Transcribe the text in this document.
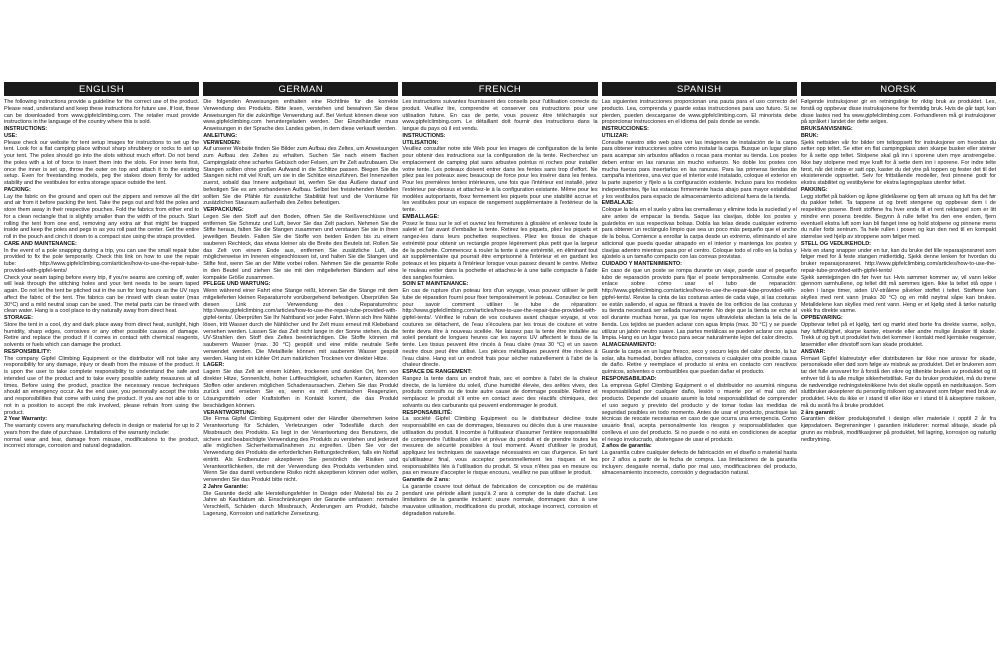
ENGLISH

The following instructions provide a guideline for the correct use of the product. Please read, understand and keep these instructions for future use. If lost, these can be downloaded from www.gipfelclimbing.com. The retailer must provide instructions in the language of the country where this is sold.

INSTRUCTIONS:

USE:

Please check our website for tent setup images for instructions to set up the tent. Look for a flat camping place without sharp shrubbery or rocks to set up your tent. The poles should go into the slots without much effort. Do not bend the poles with a lot of force to insert them into the slots. For inner tents first, once the inner is set up, throw the outer on top and attach it to the existing setup. Even for freestanding models, peg the stakes down firmly for added stability and the vestibules for extra storage space outside the tent.

PACKING:

Lay the fabric on the ground and open out the zippers and remove all the dirt and air from it before packing the tent. Take the pegs out and fold the poles and store them away in their respective pouches. Fold the fabrics from either end to for a clean rectangle that is slightly smaller than the width of the pouch. Start rolling the tent from one end, removing any extra air that might be trapped inside and keep the poles and pegs in as you roll past the center. Get the entire roll in the pouch and cinch it down to a compact size using the straps provided.

CARE AND MAINTENANCE:

In the event of a pole snapping during a trip, you can use the small repair tube provided to fix the pole temporarily. Check this link on how to use the repair tube: http://www.gipfelclimbing.com/articles/how-to-use-the-repair-tube-provided-with-gipfel-tents/

Check your seam taping before every trip, if you're seams are coming off, water will leak through the stitching holes and your tent needs to be seam taped again. Do not let the tent be pitched out in the sun for long hours as the UV rays affect the fabric of the tent. The fabrics can be rinsed with clean water (max 30°C) and a mild neutral soap can be used. The metal parts can be rinsed with clean water. Hang is a cool place to dry naturally away from direct heat.

STORAGE:

Store the tent in a cool, dry and dark place away from direct heat, sunlight, high humidity, sharp edges, corrosives or any other possible causes of damage. Retire and replace the product if it comes in contact with chemical reagents, solvents or fuels which can damage the product.

RESPONSIBILITY:

The company Gipfel Climbing Equipment or the distributor will not take any responsibility for any damage, injury or death from the misuse of the product. It is upon the user to take complete responsibility to understand the safe and intended use of the product and to take every possible safety measures at all times. Before using the product, practice the necessary rescue techniques should an emergency occur. As the end user, you personally accept the risks and responsibilities that come with using the product. If you are not able to or not in a position to accept the risk involved, please refrain from using the product.

2 Year Warranty:

The warranty covers any manufacturing defects in design or material for up to 2 years from the date of purchase. Limitations of the warranty include:

normal wear and tear, damage from misuse, modifications to the product, incorrect storage, corrosion and natural degradation.

GERMAN

Die folgenden Anweisungen enthalten eine Richtlinie für die korrekte Verwendung des Produkts. Bitte lesen, verstehen und bewahren Sie diese Anweisungen für die zukünftige Verwendung auf. Bei Verlust können diese von www.gipfelclimbing.com heruntergeladen werden. Der Einzelhändler muss Anweisungen in der Sprache des Landes geben, in dem diese verkauft werden.

ANLEITUNG:

VERWENDEN:

Auf unserer Website finden Sie Bilder zum Aufbau des Zeltes, um Anweisungen zum Aufbau des Zeltes zu erhalten. Suchen Sie nach einem flachen Campingplatz ohne scharfes Gebüsch oder Felsen, um Ihr Zelt aufzubauen. Die Stangen sollten ohne großen Aufwand in die Schlitze passen. Biegen Sie die Stangen nicht mit viel Kraft, um sie in die Schlitze einzuführen. Bei Innenzelten zuerst, sobald das Innere aufgebaut ist, werfen Sie das Äußere darauf und befestigen Sie es am vorhandenen Aufbau. Selbst bei freistehenden Modellen sollten Sie die Pfähle für zusätzliche Stabilität fest und die Vorräume für zusätzlichen Stauraum außerhalb des Zeltes befestigen.

VERPACKUNG:

Legen Sie den Stoff auf den Boden, öffnen Sie die Reißverschlüsse und entfernen Sie Schmutz und Luft, bevor Sie das Zelt packen. Nehmen Sie die Stifte heraus, falten Sie die Stangen zusammen und verstauen Sie sie in ihren jeweiligen Beuteln. Falten Sie die Stoffe von beiden Enden bis zu einem sauberen Rechteck, das etwas kleiner als die Breite des Beutels ist. Rollen Sie das Zelt von einem Ende aus, entfernen Sie zusätzliche Luft, die möglicherweise im Inneren eingeschlossen ist, und halten Sie die Stangen und Stifte fest, wenn Sie an der Mitte vorbei rollen. Nehmen Sie die gesamte Rolle in den Beutel und ziehen Sie sie mit den mitgelieferten Bändern auf eine kompakte Größe zusammen.

PFLEGE UND WARTUNG:

Wenn während einer Fahrt eine Stange reißt, können Sie die Stange mit dem mitgelieferten kleinen Reparaturrohr vorübergehend befestigen. Überprüfen Sie diesen Link zur Verwendung des Reparaturrohrs: http://www.gipfelclimbing.com/articles/how-to-use-the-repair-tube-provided-with-gipfel-tents/. Überprüfen Sie Ihr Nahtband vor jeder Fahrt. Wenn sich Ihre Nähte lösen, tritt Wasser durch die Nählöcher und Ihr Zelt muss erneut mit Klebeband versehen werden. Lassen Sie das Zelt nicht lange in der Sonne stehen, da die UV-Strahlen den Stoff des Zeltes beeinträchtigen. Die Stoffe können mit sauberem Wasser (max. 30 °C) gespült und eine milde neutrale Seife verwendet werden. Die Metallteile können mit sauberem Wasser gespült werden. Hang ist ein kühler Ort zum natürlichen Trocknen vor direkter Hitze.

LAGER:

Lagern Sie das Zelt an einem kühlen, trockenen und dunklen Ort, fern von direkter Hitze, Sonnenlicht, hoher Luftfeuchtigkeit, scharfen Kanten, ätzenden Stoffen oder anderen möglichen Schadensursachen. Ziehen Sie das Produkt zurück und ersetzen Sie es, wenn es mit chemischen Reagenzien, Lösungsmitteln oder Kraftstoffen in Kontakt kommt, die das Produkt beschädigen können.

VERANTWORTUNG:

Die Firma Gipfel Climbing Equipment oder der Händler übernehmen keine Verantwortung für Schäden, Verletzungen oder Todesfälle durch den Missbrauch des Produkts. Es liegt in der Verantwortung des Benutzers, die sichere und beabsichtigte Verwendung des Produkts zu verstehen und jederzeit alle möglichen Sicherheitsmaßnahmen zu ergreifen. Üben Sie vor der Verwendung des Produkts die erforderlichen Rettungstechniken, falls ein Notfall eintritt. Als Endbenutzer akzeptieren Sie persönlich die Risiken und Verantwortlichkeiten, die mit der Verwendung des Produkts verbunden sind. Wenn Sie das damit verbundene Risiko nicht akzeptieren können oder wollen, verwenden Sie das Produkt bitte nicht.

2 Jahre Garantie:

Die Garantie deckt alle Herstellungsfehler in Design oder Material bis zu 2 Jahre ab Kaufdatum ab. Einschränkungen der Garantie umfassen: normaler Verschleiß, Schäden durch Missbrauch, Änderungen am Produkt, falsche Lagerung, Korrosion und natürliche Zersetzung.

FRENCH

Les instructions suivantes fournissent des conseils pour l'utilisation correcte du produit. Veuillez lire, comprendre et conserver ces instructions pour une utilisation future. En cas de perte, vous pouvez être téléchargés sur www.gipfelclimbing.com. Le détaillant doit fournir des instructions dans la langue du pays où il est vendu.

INSTRUCTIONS:

UTILISATION:

Veuillez consulter notre site Web pour les images de configuration de la tente pour obtenir des instructions sur la configuration de la tente. Recherchez un emplacement de camping plat sans arbustes pointus ni roches pour installer votre tente. Les poteaux doivent entrer dans les fentes sans trop d'effort. Ne pliez pas les poteaux avec beaucoup de force pour les insérer dans les fentes. Pour les premières tentes intérieures, une fois que l'intérieur est installé, jetez l'extérieur par-dessus et attachez-le à la configuration existante. Même pour les modèles autoportants, fixez fermement les piquets pour une stabilité accrue et les vestibules pour un espace de rangement supplémentaire à l'extérieur de la tente.

EMBALLAGE:

Posez le tissu sur le sol et ouvrez les fermetures à glissière et enlevez toute la saleté et l'air avant d'emballer la tente. Retirez les piquets, pliez les piquets et rangez-les dans leurs pochettes respectives. Pliez les tissus de chaque extrémité pour obtenir un rectangle propre légèrement plus petit que la largeur de la pochette. Commencez à rouler la tente à une extrémité, en éliminant tout air supplémentaire qui pourrait être emprisonné à l'intérieur et en gardant les poteaux et les piquets à l'intérieur lorsque vous passez devant le centre. Mettez le rouleau entier dans la pochette et attachez-le à une taille compacte à l'aide des sangles fournies.

SOIN ET MAINTENANCE:

En cas de rupture d'un poteau lors d'un voyage, vous pouvez utiliser le petit tube de réparation fourni pour fixer temporairement le poteau. Consultez ce lien pour savoir comment utiliser le tube de réparation: http://www.gipfelclimbing.com/articles/how-to-use-the-repair-tube-provided-with-gipfel-tents/. Vérifiez le ruban de vos coutures avant chaque voyage, si vos coutures se détachent, de l'eau s'écoulera par les trous de couture et votre tente devra être à nouveau scellée. Ne laissez pas la tente être installée au soleil pendant de longues heures car les rayons UV affectent le tissu de la tente. Les tissus peuvent être rincés à l'eau claire (max 30 °C) et un savon neutre doux peut être utilisé. Les pièces métalliques peuvent être rincées à l'eau claire. Hang est un endroit frais pour sécher naturellement à l'abri de la chaleur directe.

ESPACE DE RANGEMENT:

Rangez la tente dans un endroit frais, sec et sombre à l'abri de la chaleur directe, de la lumière du soleil, d'une humidité élevée, des arêtes vives, des produits corrosifs ou de toute autre cause de dommage possible. Retirez et remplacez le produit s'il entre en contact avec des réactifs chimiques, des solvants ou des carburants qui peuvent endommager le produit.

RESPONSABILITÉ:

La société Gipfel Climbing Equipment ou le distributeur décline toute responsabilité en cas de dommages, blessures ou décès dus à une mauvaise utilisation du produit. Il incombe à l'utilisateur d'assumer l'entière responsabilité de comprendre l'utilisation sûre et prévue du produit et de prendre toutes les mesures de sécurité possibles à tout moment. Avant d'utiliser le produit, appliquez les techniques de sauvetage nécessaires en cas d'urgence. En tant qu'utilisateur final, vous acceptez personnellement les risques et les responsabilités liés à l'utilisation du produit. Si vous n'êtes pas en mesure ou pas en mesure d'accepter le risque encouru, veuillez ne pas utiliser le produit.

Garantie de 2 ans:

La garantie couvre tout défaut de fabrication de conception ou de matériau pendant une période allant jusqu'à 2 ans à compter de la date d'achat. Les limitations de la garantie incluent: usure normale, dommages dus à une mauvaise utilisation, modifications du produit, stockage incorrect, corrosion et dégradation naturelle.

SPANISH

Las siguientes instrucciones proporcionan una pauta para el uso correcto del producto. Lea, comprenda y guarde estas instrucciones para uso futuro. Si se pierden, pueden descargarse de www.gipfelclimbing.com. El minorista debe proporcionar instrucciones en el idioma del país donde se vende.

INSTRUCCIONES:

UTILIZAR:

Consulte nuestro sitio web para ver las imágenes de instalación de la carpa para obtener instrucciones sobre cómo instalar la carpa. Busque un lugar plano para acampar sin arbustos afilados o rocas para montar su tienda. Los postes deben entrar en las ranuras sin mucho esfuerzo. No doble los postes con mucha fuerza para insertarlos en las ranuras. Para las primeras tiendas de campaña interiores, una vez que el interior esté instalado, coloque el exterior en la parte superior y fíjelo a la configuración existente. Incluso para los modelos independientes, fije las estacas firmemente hacia abajo para mayor estabilidad y los vestíbulos para espacio de almacenamiento adicional fuera de la tienda.

EMBALAJE:

Coloque la tela en el suelo y abra las cremalleras y elimine toda la suciedad y el aire antes de empacar la tienda. Saque las clavijas, doble los postes y guárdelos en sus respectivas bolsas. Dobla las telas desde cualquier extremo para obtener un rectángulo limpio que sea un poco más pequeño que el ancho de la bolsa. Comience a enrollar la carpa desde un extremo, eliminando el aire adicional que pueda quedar atrapado en el interior y mantenga los postes y clavijas adentro mientras pasa por el centro. Coloque todo el rollo en la bolsa y ajústelo a un tamaño compacto con las correas provistas.

CUIDADO Y MANTENIMIENTO:

En caso de que un poste se rompa durante un viaje, puede usar el pequeño tubo de reparación provisto para fijar el poste temporalmente. Consulte este enlace sobre cómo usar el tubo de reparación: http://www.gipfelclimbing.com/articles/how-to-use-the-repair-tube-provided-with-gipfel-tents/. Revise la cinta de las costuras antes de cada viaje, si las costuras se están saliendo, el agua se filtrará a través de los orificios de las costuras y su tienda necesitará ser sellada nuevamente. No deje que la tienda se eche al sol durante muchas horas, ya que los rayos ultravioleta afectan la tela de la tienda. Los tejidos se pueden aclarar con agua limpia (max. 30 °C) y se puede utilizar un jabón neutro suave. Las partes metálicas se pueden aclarar con agua limpia. Hang es un lugar fresco para secar naturalmente lejos del calor directo.

ALMACENAMIENTO:

Guarde la carpa en un lugar fresco, seco y oscuro lejos del calor directo, la luz solar, alta humedad, bordes afilados, corrosivos o cualquier otra posible causa de daño. Retire y reemplace el producto si entra en contacto con reactivos químicos, solventes o combustibles que puedan dañar el producto.

RESPONSABILIDAD:

La empresa Gipfel Climbing Equipment o el distribuidor no asumirá ninguna responsabilidad por cualquier daño, lesión o muerte por el mal uso del producto. Depende del usuario asumir la total responsabilidad de comprender el uso seguro y previsto del producto y de tomar todas las medidas de seguridad posibles en todo momento. Antes de usar el producto, practique las técnicas de rescate necesarias en caso de que ocurra una emergencia. Como usuario final, acepta personalmente los riesgos y responsabilidades que conlleva el uso del producto. Si no puede o no está en condiciones de aceptar el riesgo involucrado, abstengase de usar el producto.

2 años de garantía:

La garantía cubre cualquier defecto de fabricación en el diseño o material hasta por 2 años a partir de la fecha de compra. Las limitaciones de la garantía incluyen: desgaste normal, daño por mal uso, modificaciones del producto, almacenamiento incorrecto, corrosión y degradación natural.

NORSK

Følgende instruksjoner gir en retningslinje for riktig bruk av produktet. Les, forstå og oppbevar disse instruksjonene for fremtidig bruk. Hvis de går tapt, kan disse lastes ned fra www.gipfelclimbing.com. Forhandleren må gi instruksjoner på språket i landet der dette selges.

BRUKSANVISNING:

BRUK:

Sjekk nettsiden vår for bilder om teltoppsett for instruksjoner om hvordan du setter opp teltet. Se etter en flat campingplass uten skarpe busker eller steiner for å sette opp teltet. Stolpene skal gå inn i sporene uten mye anstrengelse. Ikke bøy stolpene med mye kraft for å sette dem inn i sporene. For indre telte først, når det indre er satt opp, kaster du det ytre på toppen og fester det til det eksisterende oppsettet. Selv for frittstående modeller, fest pinnene godt for ekstra stabilitet og vestibylene for ekstra lagringsplass utenfor teltet.

PAKKING:

Legg stoffet på bakken og åpne glidelåsene og fjern alt smuss og luft fra det før du pakker teltet. Ta tappene ut og brett stengene og oppbevar dem i de respektive posene. Brett stoffene fra hver ende til et rent rektangel som er litt mindre enn posens bredde. Begynn å rulle teltet fra den ene enden, fjern eventuell ekstra luft som kan bli fanget inne og hold stolpene og pinnene mens du ruller forbi sentrum. Ta hele rullen i posen og kun den ned til en kompakt størrelse ved hjelp av stroppene som følger med.

STELL OG VEDLIKEHOLD:

Hvis en stang snapper under en tur, kan du bruke det lille reparasjonsrøret som følger med for å feste stangen midlertidig. Sjekk denne lenken for hvordan du bruker reparasjonsrøret. http://www.gipfelclimbing.com/articles/how-to-use-the-repair-tube-provided-with-gipfel-tents/

Sjekk sømtejpingen din før hver tur. Hvis sømmer kommer av, vil vann lekke gjennom sømhullene, og teltet ditt må sømmes igjen. Ikke la teltet stå oppe i solen i lange timer, siden UV-strålene påvirker stoffet i teltet. Stoffene kan skylles med rent vann (maks 30 °C) og en mild nøytral såpe kan brukes. Metalldelene kan skylles med rent vann. Heng er et kjølig sted å tørke naturlig vekk fra direkte varme.

OPPBEVARING:

Oppbevar teltet på et kjølig, tørt og mørkt sted borte fra direkte varme, sollys, høy luftfuktighet, skarpe kanter, etsende eller andre mulige årsaker til skade. Trekk ut og bytt ut produktet hvis det kommer i kontakt med kjemiske reagenser, løsemidler eller drivstoff som kan skade produktet.

ANSVAR:

Firmaet Gipfel klatreutstyr eller distributøren tar ikke noe ansvar for skade, personskade eller død som følge av misbruk av produktet. Det er brukeren som tar det fulle ansvaret for å forstå den sikre og tiltenkte bruken av produktet og til enhver tid å ta alle mulige sikkerhetstiltak. Før du bruker produktet, må du trene de nødvendige redningsteknikkene hvis det skulle oppstå en nødsituasjon. Som sluttbruker aksepterer du personlig risikoen og ansvaret som følger med bruk av produktet. Hvis du ikke er i stand til eller ikke er i stand til å akseptere risikoen, må du avstå fra å bruke produktet.

2 års garanti:

Garantien dekker produksjonsfeil i design eller materiale i opptil 2 år fra kjøpsdatoen. Begrensninger i garantien inkluderer: normal slitasje, skade på grunn av misbruk, modifikasjoner på produktet, feil lagring, korrosjon og naturlig nedbrytning.
